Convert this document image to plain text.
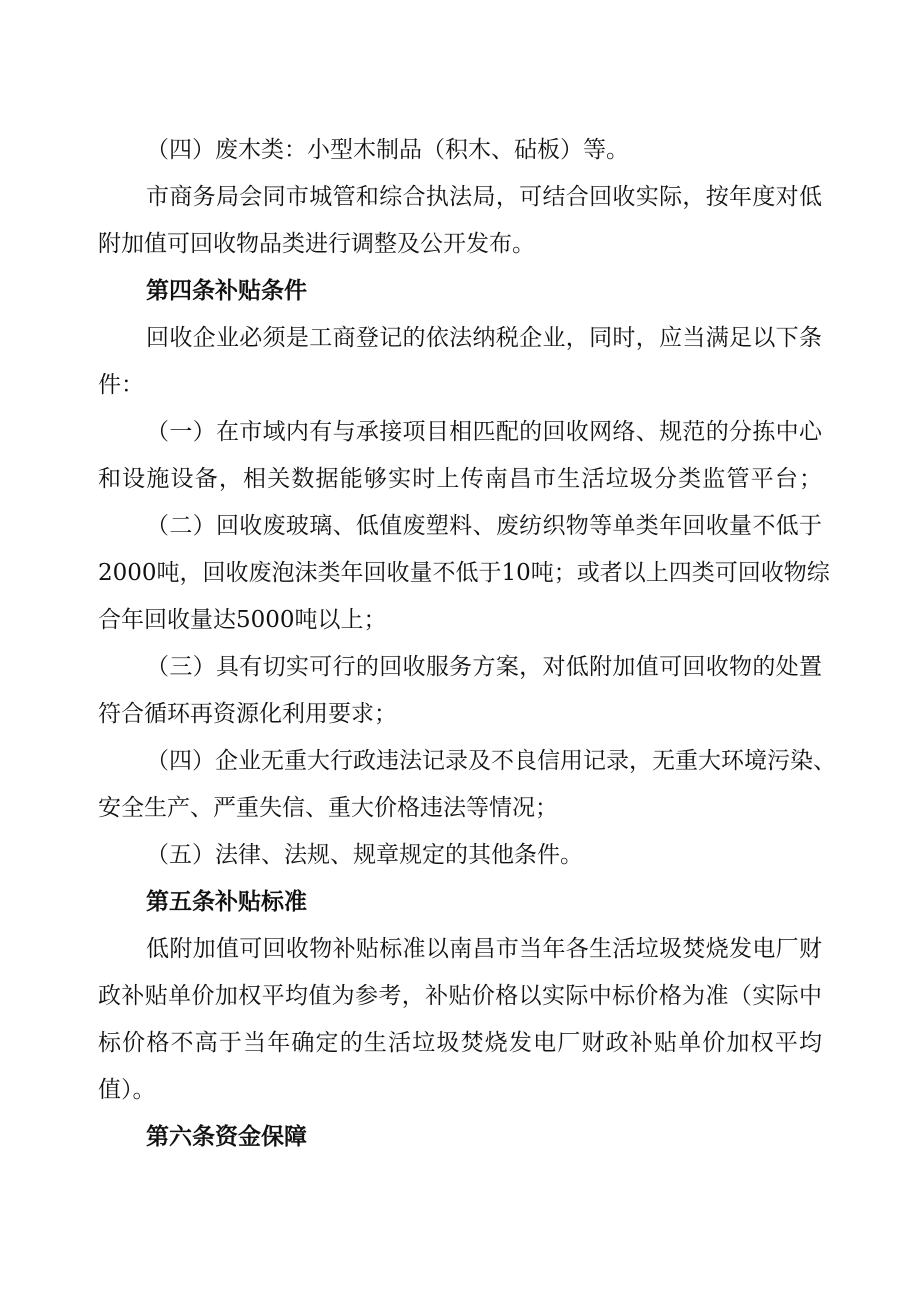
（四）废木类：小型木制品（积木、砧板）等。
市商务局会同市城管和综合执法局，可结合回收实际，按年度对低
附加值可回收物品类进行调整及公开发布。
第四条补贴条件
回收企业必须是工商登记的依法纳税企业，同时，应当满足以下条
件：
（一）在市域内有与承接项目相匹配的回收网络、规范的分拣中心
和设施设备，相关数据能够实时上传南昌市生活垃圾分类监管平台；
（二）回收废玻璃、低值废塑料、废纺织物等单类年回收量不低于
2000吨，回收废泡沫类年回收量不低于10吨；或者以上四类可回收物综
合年回收量达5000吨以上；
（三）具有切实可行的回收服务方案，对低附加值可回收物的处置
符合循环再资源化利用要求；
（四）企业无重大行政违法记录及不良信用记录，无重大环境污染、
安全生产、严重失信、重大价格违法等情况；
（五）法律、法规、规章规定的其他条件。
第五条补贴标准
低附加值可回收物补贴标准以南昌市当年各生活垃圾焚烧发电厂财
政补贴单价加权平均值为参考，补贴价格以实际中标价格为准（实际中
标价格不高于当年确定的生活垃圾焚烧发电厂财政补贴单价加权平均
值）。
第六条资金保障
